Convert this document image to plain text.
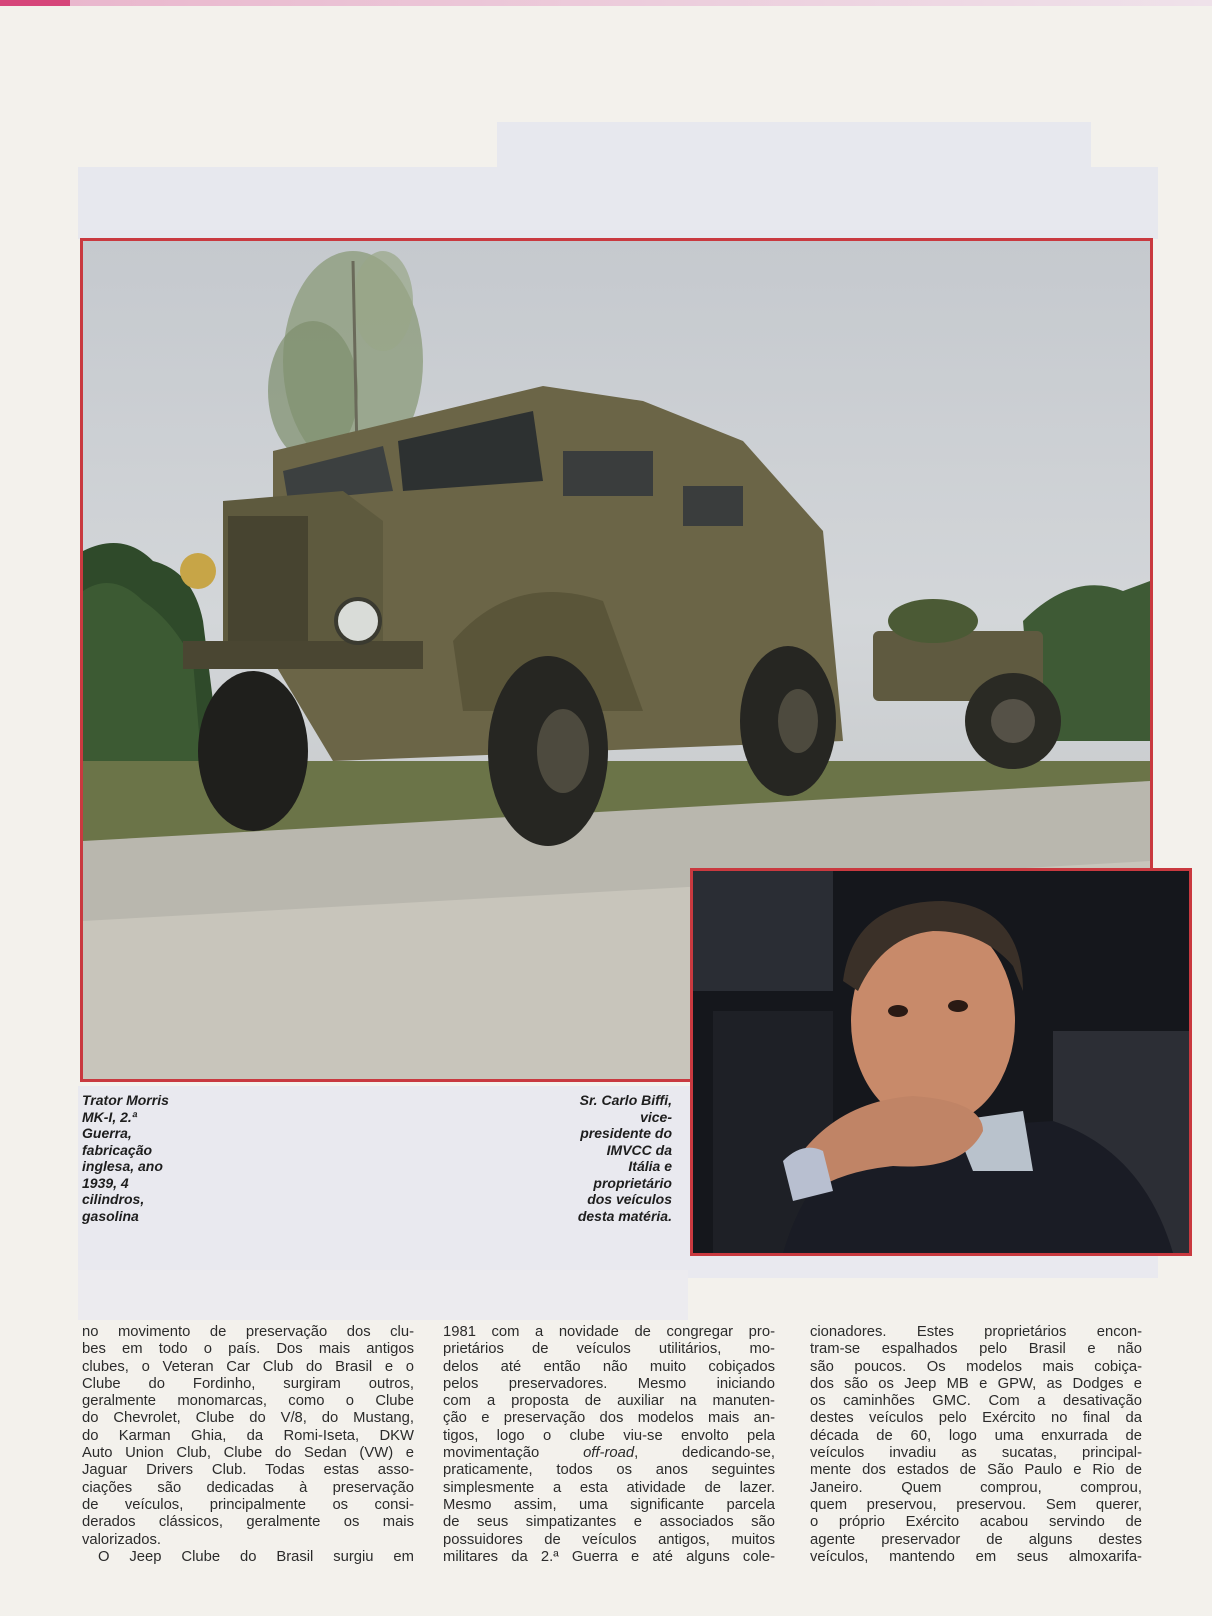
Trator Morris
MK-I, 2.ª
Guerra,
fabricação
inglesa, ano
1939, 4
cilindros,
gasolina
Sr. Carlo Biffi,
vice-
presidente do
IMVCC da
Itália e
proprietário
dos veículos
desta matéria.

no movimento de preservação dos clu-

bes em todo o país. Dos mais antigos

clubes, o Veteran Car Club do Brasil e o

Clube do Fordinho, surgiram outros,

geralmente monomarcas, como o Clube

do Chevrolet, Clube do V/8, do Mustang,

do Karman Ghia, da Romi-Iseta, DKW

Auto Union Club, Clube do Sedan (VW) e

Jaguar Drivers Club. Todas estas asso-

ciações são dedicadas à preservação

de veículos, principalmente os consi-

derados clássicos, geralmente os mais

valorizados.

O Jeep Clube do Brasil surgiu em

1981 com a novidade de congregar pro-

prietários de veículos utilitários, mo-

delos até então não muito cobiçados

pelos preservadores. Mesmo iniciando

com a proposta de auxiliar na manuten-

ção e preservação dos modelos mais an-

tigos, logo o clube viu-se envolto pela

movimentação off-road, dedicando-se,

praticamente, todos os anos seguintes

simplesmente a esta atividade de lazer.

Mesmo assim, uma significante parcela

de seus simpatizantes e associados são

possuidores de veículos antigos, muitos

militares da 2.ª Guerra e até alguns cole-

cionadores. Estes proprietários encon-

tram-se espalhados pelo Brasil e não

são poucos. Os modelos mais cobiça-

dos são os Jeep MB e GPW, as Dodges e

os caminhões GMC. Com a desativação

destes veículos pelo Exército no final da

década de 60, logo uma enxurrada de

veículos invadiu as sucatas, principal-

mente dos estados de São Paulo e Rio de

Janeiro. Quem comprou, comprou,

quem preservou, preservou. Sem querer,

o próprio Exército acabou servindo de

agente preservador de alguns destes

veículos, mantendo em seus almoxarifa-
